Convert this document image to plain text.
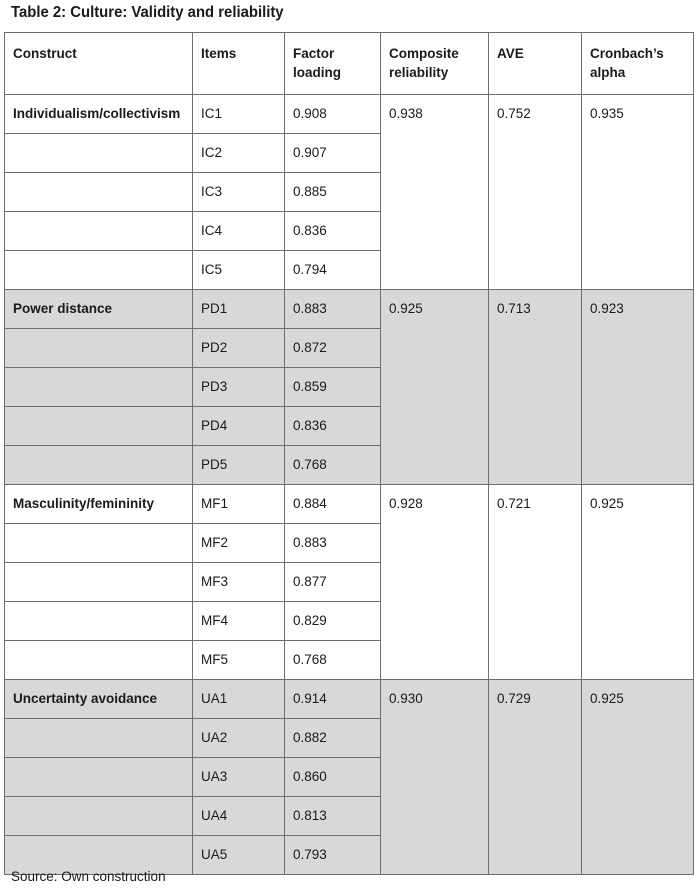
Table 2: Culture: Validity and reliability
Construct	Items	Factor loading	Composite reliability	AVE	Cronbach’s alpha
Individualism/collectivism	IC1	0.908	0.938	0.752	0.935
	IC2	0.907			
	IC3	0.885			
	IC4	0.836			
	IC5	0.794			
Power distance	PD1	0.883	0.925	0.713	0.923
	PD2	0.872			
	PD3	0.859			
	PD4	0.836			
	PD5	0.768			
Masculinity/femininity	MF1	0.884	0.928	0.721	0.925
	MF2	0.883			
	MF3	0.877			
	MF4	0.829			
	MF5	0.768			
Uncertainty avoidance	UA1	0.914	0.930	0.729	0.925
	UA2	0.882			
	UA3	0.860			
	UA4	0.813			
	UA5	0.793			
Source: Own construction
